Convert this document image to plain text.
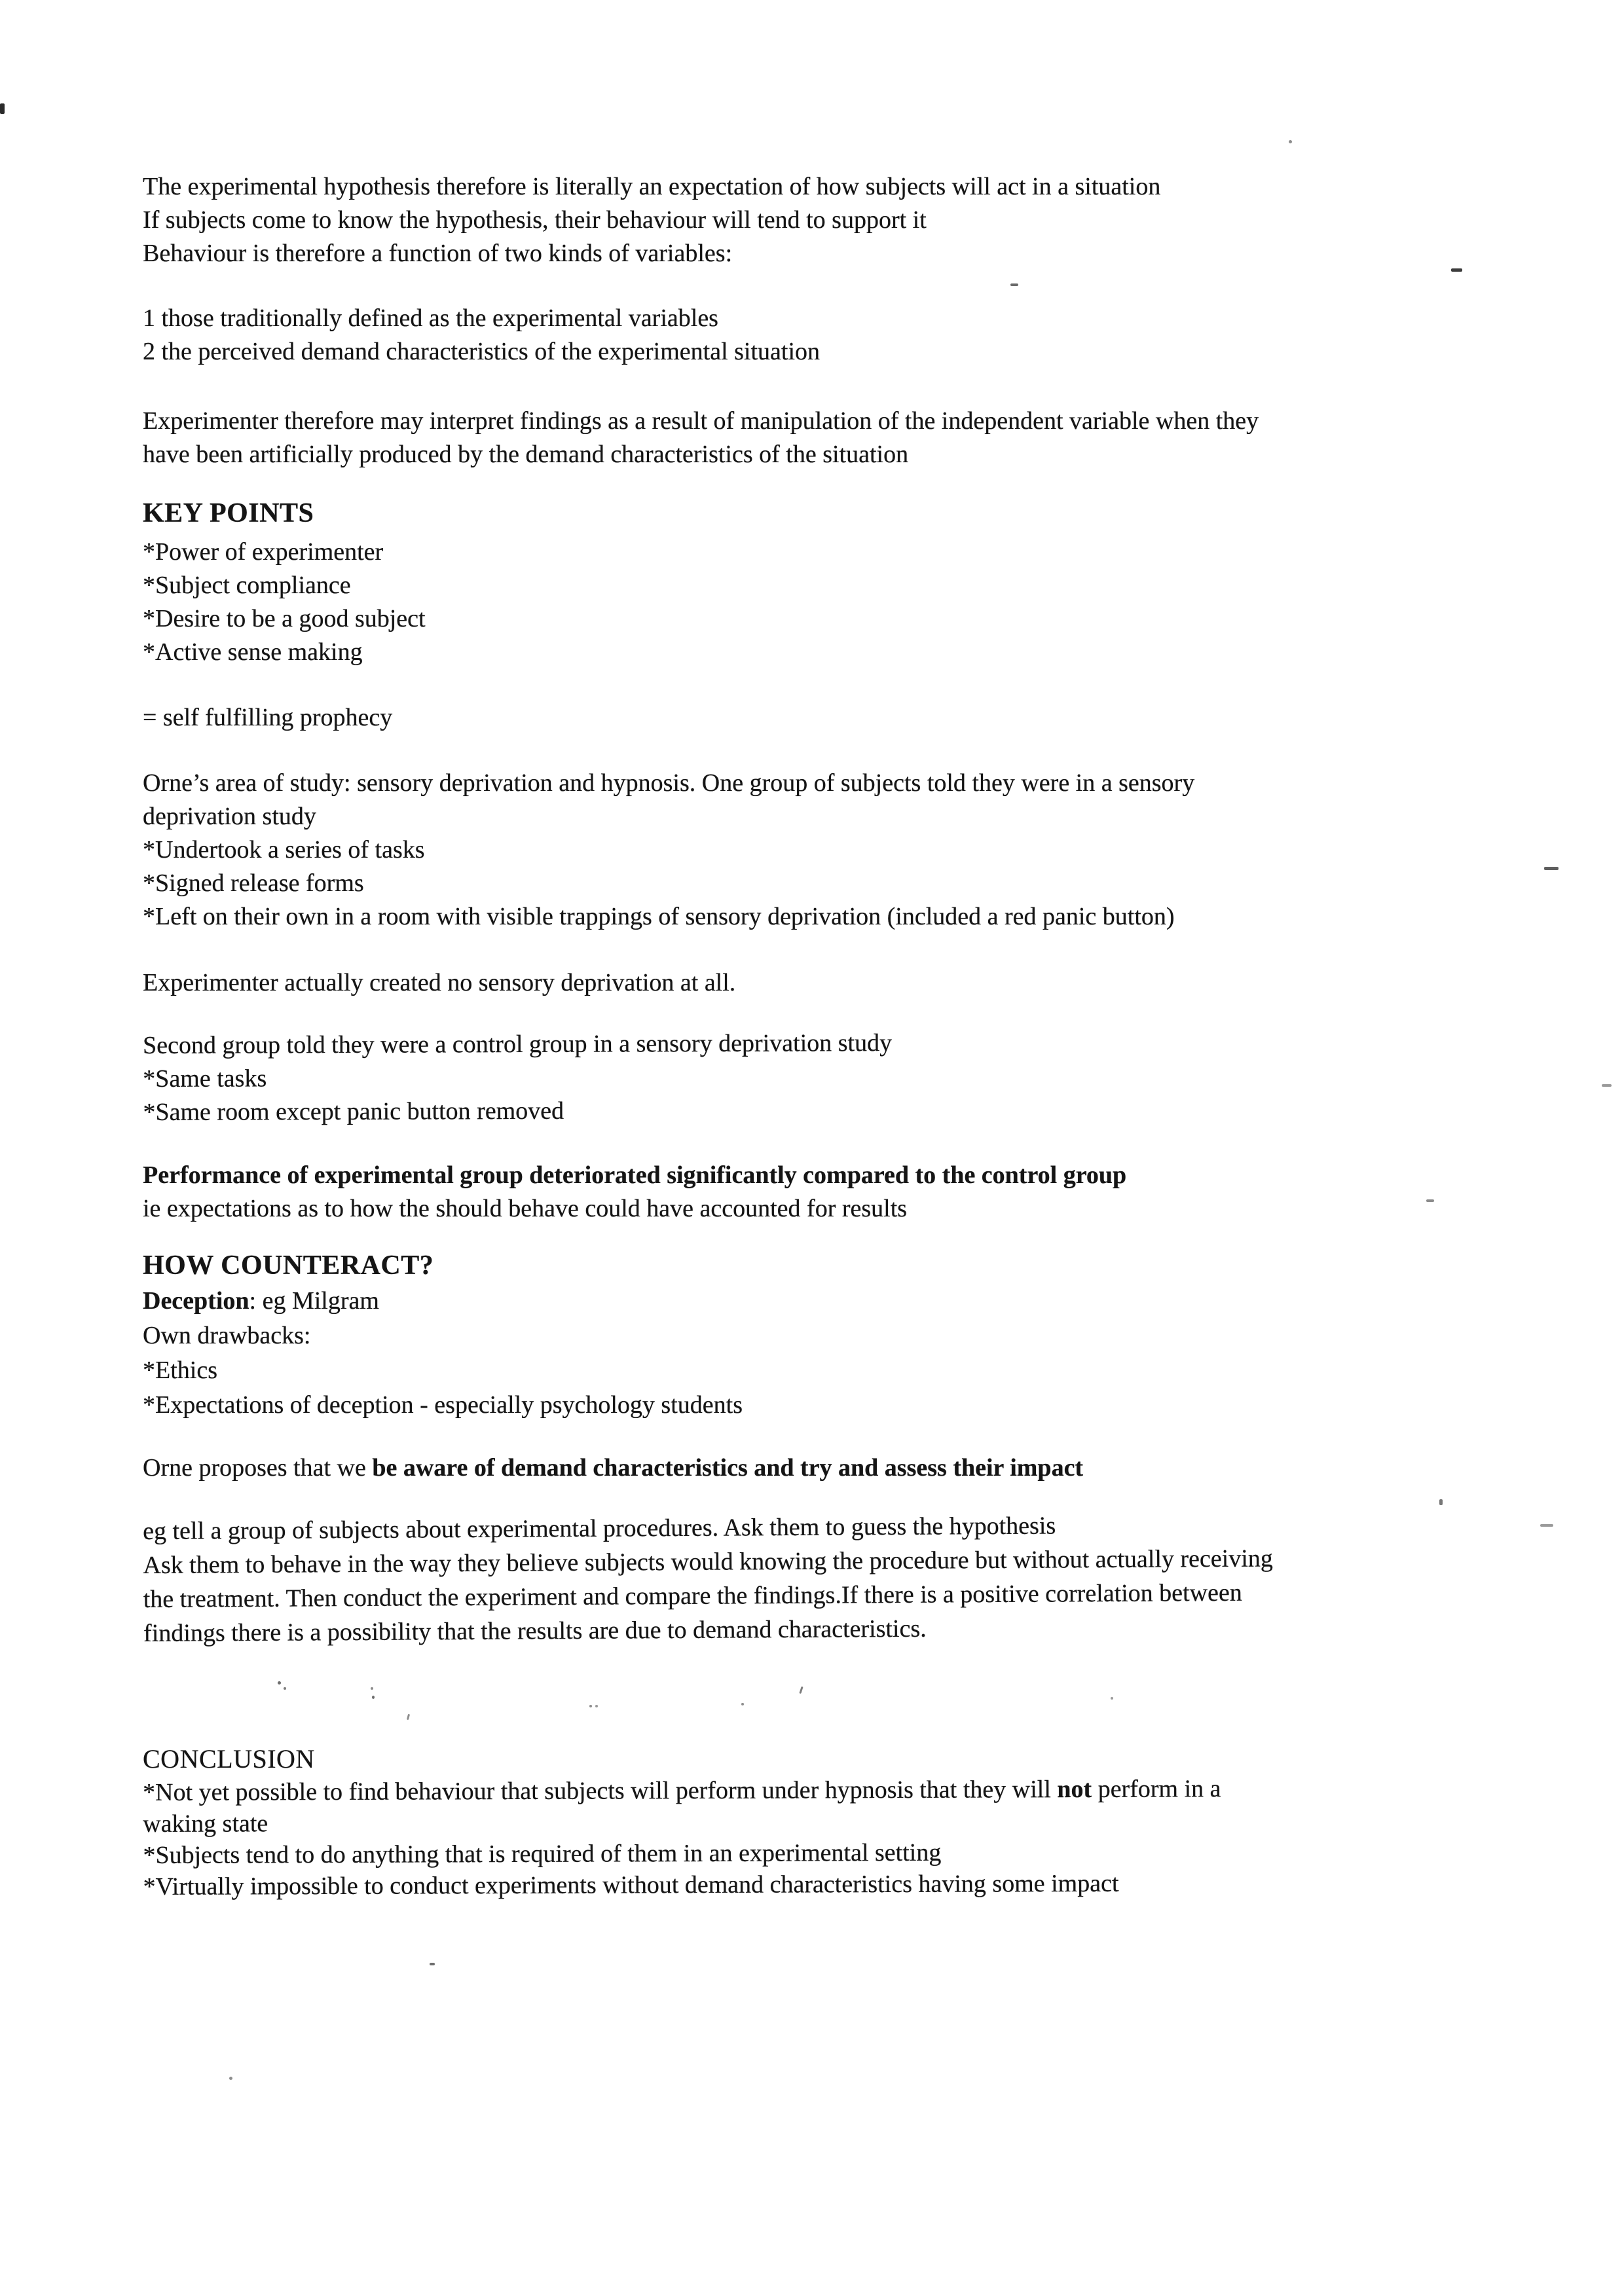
The experimental hypothesis therefore is literally an expectation of how subjects will act in a situation
If subjects come to know the hypothesis, their behaviour will tend to support it
Behaviour is therefore a function of two kinds of variables:
1 those traditionally defined as the experimental variables
2 the perceived demand characteristics of the experimental situation
Experimenter therefore may interpret findings as a result of manipulation of the independent variable when they
have been artificially produced by the demand characteristics of the situation
KEY POINTS
*Power of experimenter
*Subject compliance
*Desire to be a good subject
*Active sense making
= self fulfilling prophecy
Orne’s area of study: sensory deprivation and hypnosis. One group of subjects told they were in a sensory
deprivation study
*Undertook a series of tasks
*Signed release forms
*Left on their own in a room with visible trappings of sensory deprivation (included a red panic button)
Experimenter actually created no sensory deprivation at all.
Second group told they were a control group in a sensory deprivation study
*Same tasks
*Same room except panic button removed
Performance of experimental group deteriorated significantly compared to the control group
ie expectations as to how the should behave could have accounted for results
HOW COUNTERACT?
Deception: eg Milgram
Own drawbacks:
*Ethics
*Expectations of deception - especially psychology students
Orne proposes that we be aware of demand characteristics and try and assess their impact
eg tell a group of subjects about experimental procedures. Ask them to guess the hypothesis
Ask them to behave in the way they believe subjects would knowing the procedure but without actually receiving
the treatment. Then conduct the experiment and compare the findings.If there is a positive correlation between
findings there is a possibility that the results are due to demand characteristics.
CONCLUSION
*Not yet possible to find behaviour that subjects will perform under hypnosis that they will not perform in a
waking state
*Subjects tend to do anything that is required of them in an experimental setting
*Virtually impossible to conduct experiments without demand characteristics having some impact
